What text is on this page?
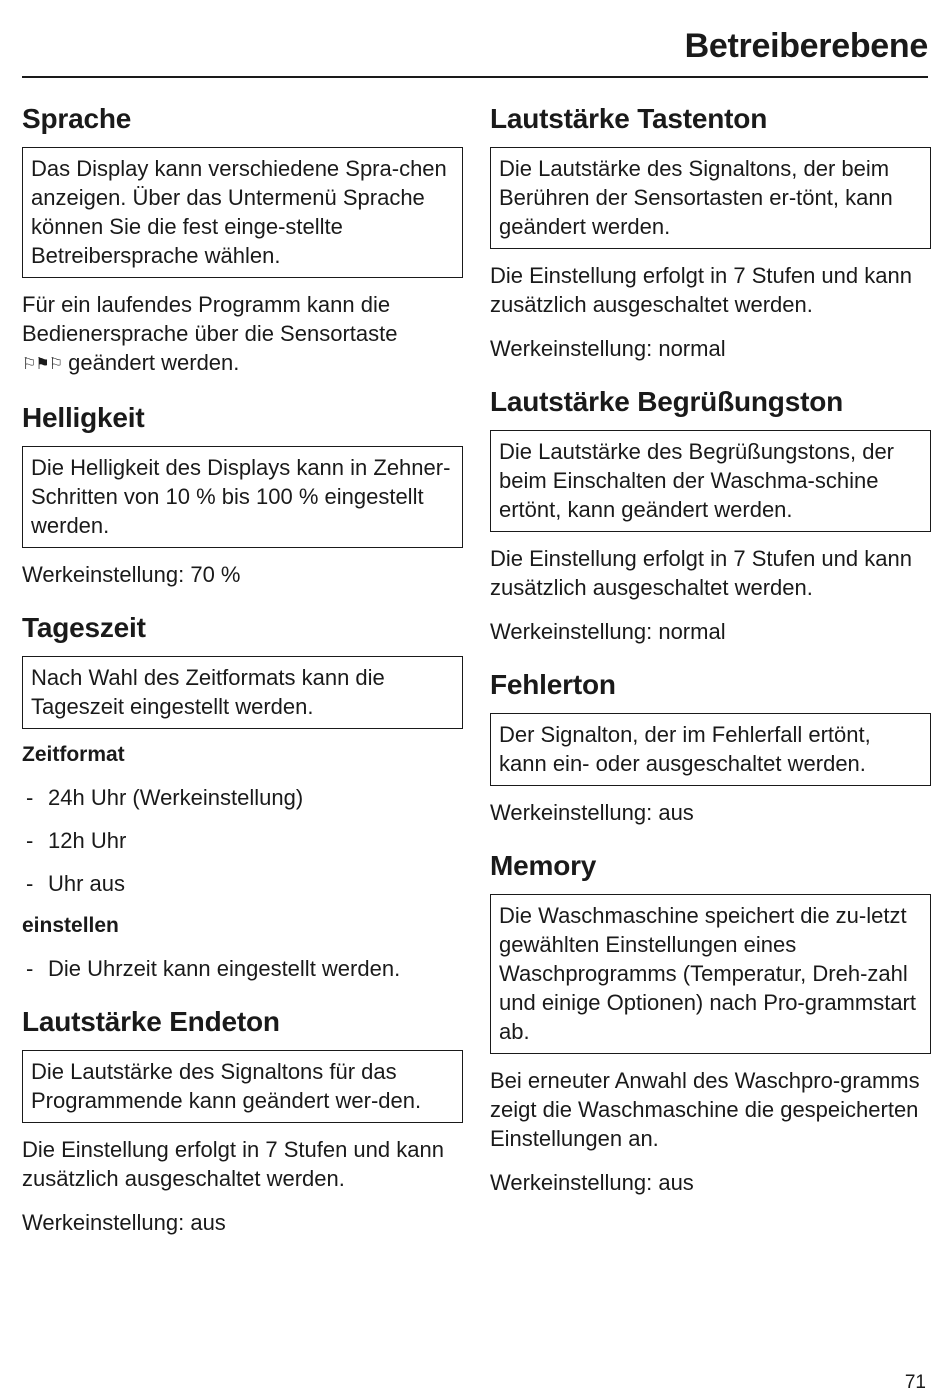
Betreiberebene
Sprache
Das Display kann verschiedene Spra-chen anzeigen. Über das Untermenü Sprache können Sie die fest einge-stellte Betreibersprache wählen.

Für ein laufendes Programm kann die Bedienersprache über die Sensortaste
⚐⚑⚐ geändert werden.

Helligkeit
Die Helligkeit des Displays kann in Zehner-Schritten von 10 % bis 100 % eingestellt werden.

Werkeinstellung: 70 %

Tageszeit
Nach Wahl des Zeitformats kann die Tageszeit eingestellt werden.
Zeitformat
- 24h Uhr (Werkeinstellung)
- 12h Uhr
- Uhr aus
einstellen
- Die Uhrzeit kann eingestellt werden.
Lautstärke Endeton
Die Lautstärke des Signaltons für das Programmende kann geändert wer-den.

Die Einstellung erfolgt in 7 Stufen und kann zusätzlich ausgeschaltet werden.

Werkeinstellung: aus

Lautstärke Tastenton
Die Lautstärke des Signaltons, der beim Berühren der Sensortasten er-tönt, kann geändert werden.

Die Einstellung erfolgt in 7 Stufen und kann zusätzlich ausgeschaltet werden.

Werkeinstellung: normal

Lautstärke Begrüßungston
Die Lautstärke des Begrüßungstons, der beim Einschalten der Waschma-schine ertönt, kann geändert werden.

Die Einstellung erfolgt in 7 Stufen und kann zusätzlich ausgeschaltet werden.

Werkeinstellung: normal

Fehlerton
Der Signalton, der im Fehlerfall ertönt, kann ein- oder ausgeschaltet werden.

Werkeinstellung: aus

Memory
Die Waschmaschine speichert die zu-letzt gewählten Einstellungen eines Waschprogramms (Temperatur, Dreh-zahl und einige Optionen) nach Pro-grammstart ab.

Bei erneuter Anwahl des Waschpro-gramms zeigt die Waschmaschine die gespeicherten Einstellungen an.

Werkeinstellung: aus

71
